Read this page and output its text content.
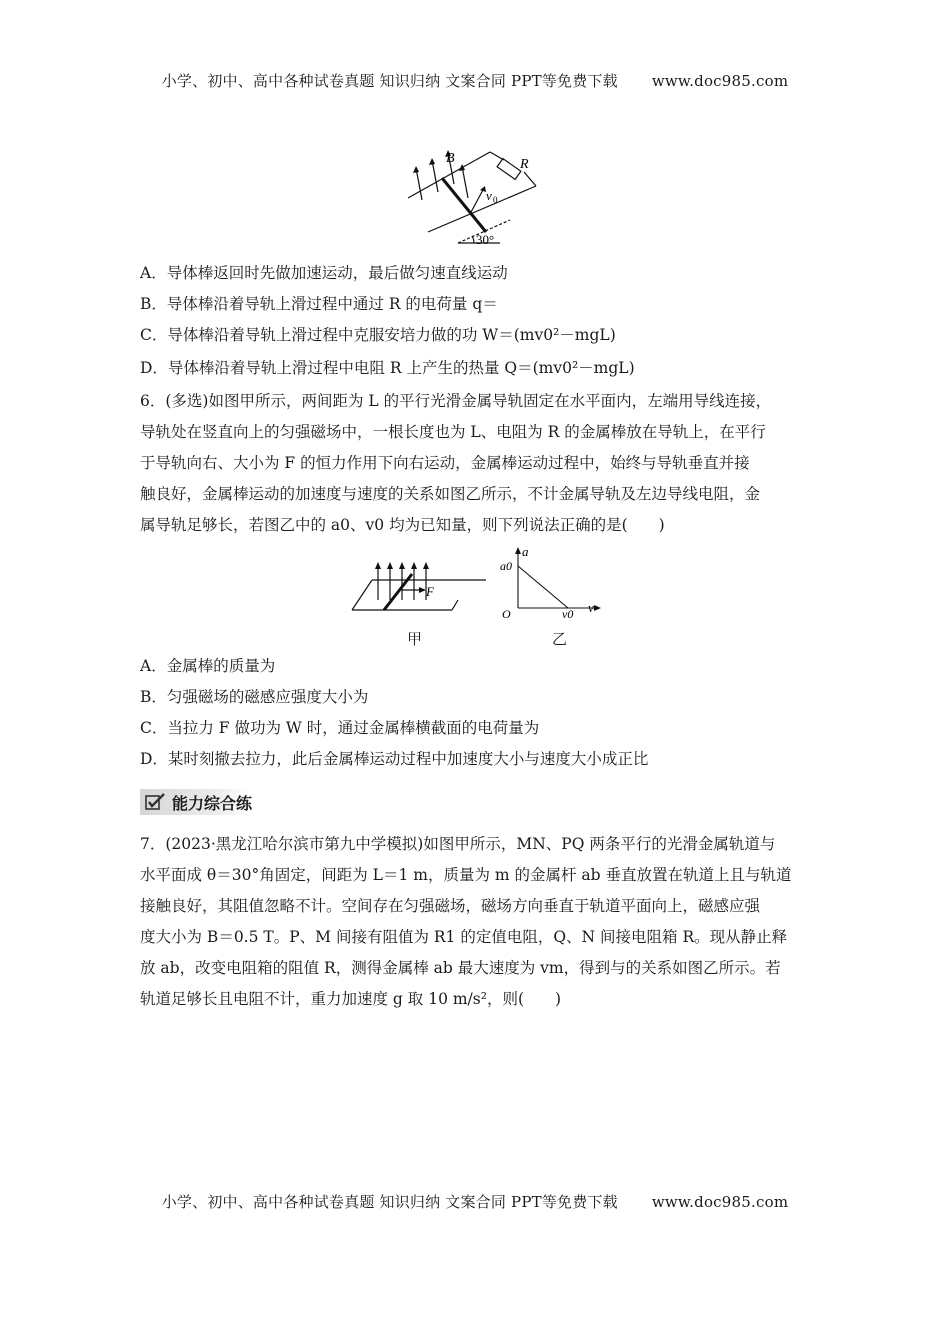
小学、初中、高中各种试卷真题 知识归纳 文案合同 PPT等免费下载 www.doc985.com
B	R
v 0
30°
A．导体棒返回时先做加速运动，最后做匀速直线运动
B．导体棒沿着导轨上滑过程中通过 R 的电荷量 q＝
C．导体棒沿着导轨上滑过程中克服安培力做的功 W＝(mv0²－mgL)
D．导体棒沿着导轨上滑过程中电阻 R 上产生的热量 Q＝(mv0²－mgL)
6．(多选)如图甲所示，两间距为 L 的平行光滑金属导轨固定在水平面内，左端用导线连接，
导轨处在竖直向上的匀强磁场中，一根长度也为 L、电阻为 R 的金属棒放在导轨上，在平行
于导轨向右、大小为 F 的恒力作用下向右运动，金属棒运动过程中，始终与导轨垂直并接
触良好，金属棒运动的加速度与速度的关系如图乙所示，不计金属导轨及左边导线电阻，金
属导轨足够长，若图乙中的 a0、v0 均为已知量，则下列说法正确的是(　　)
F
甲
a
a0
O	v0 v
乙
A．金属棒的质量为
B．匀强磁场的磁感应强度大小为
C．当拉力 F 做功为 W 时，通过金属棒横截面的电荷量为
D．某时刻撤去拉力，此后金属棒运动过程中加速度大小与速度大小成正比
能力综合练
7．(2023·黑龙江哈尔滨市第九中学模拟)如图甲所示，MN、PQ 两条平行的光滑金属轨道与
水平面成 θ＝30°角固定，间距为 L＝1 m，质量为 m 的金属杆 ab 垂直放置在轨道上且与轨道
接触良好，其阻值忽略不计。空间存在匀强磁场，磁场方向垂直于轨道平面向上，磁感应强
度大小为 B＝0.5 T。P、M 间接有阻值为 R1 的定值电阻，Q、N 间接电阻箱 R。现从静止释
放 ab，改变电阻箱的阻值 R，测得金属棒 ab 最大速度为 vm，得到与的关系如图乙所示。若
轨道足够长且电阻不计，重力加速度 g 取 10 m/s²，则(　　)
小学、初中、高中各种试卷真题 知识归纳 文案合同 PPT等免费下载 www.doc985.com
